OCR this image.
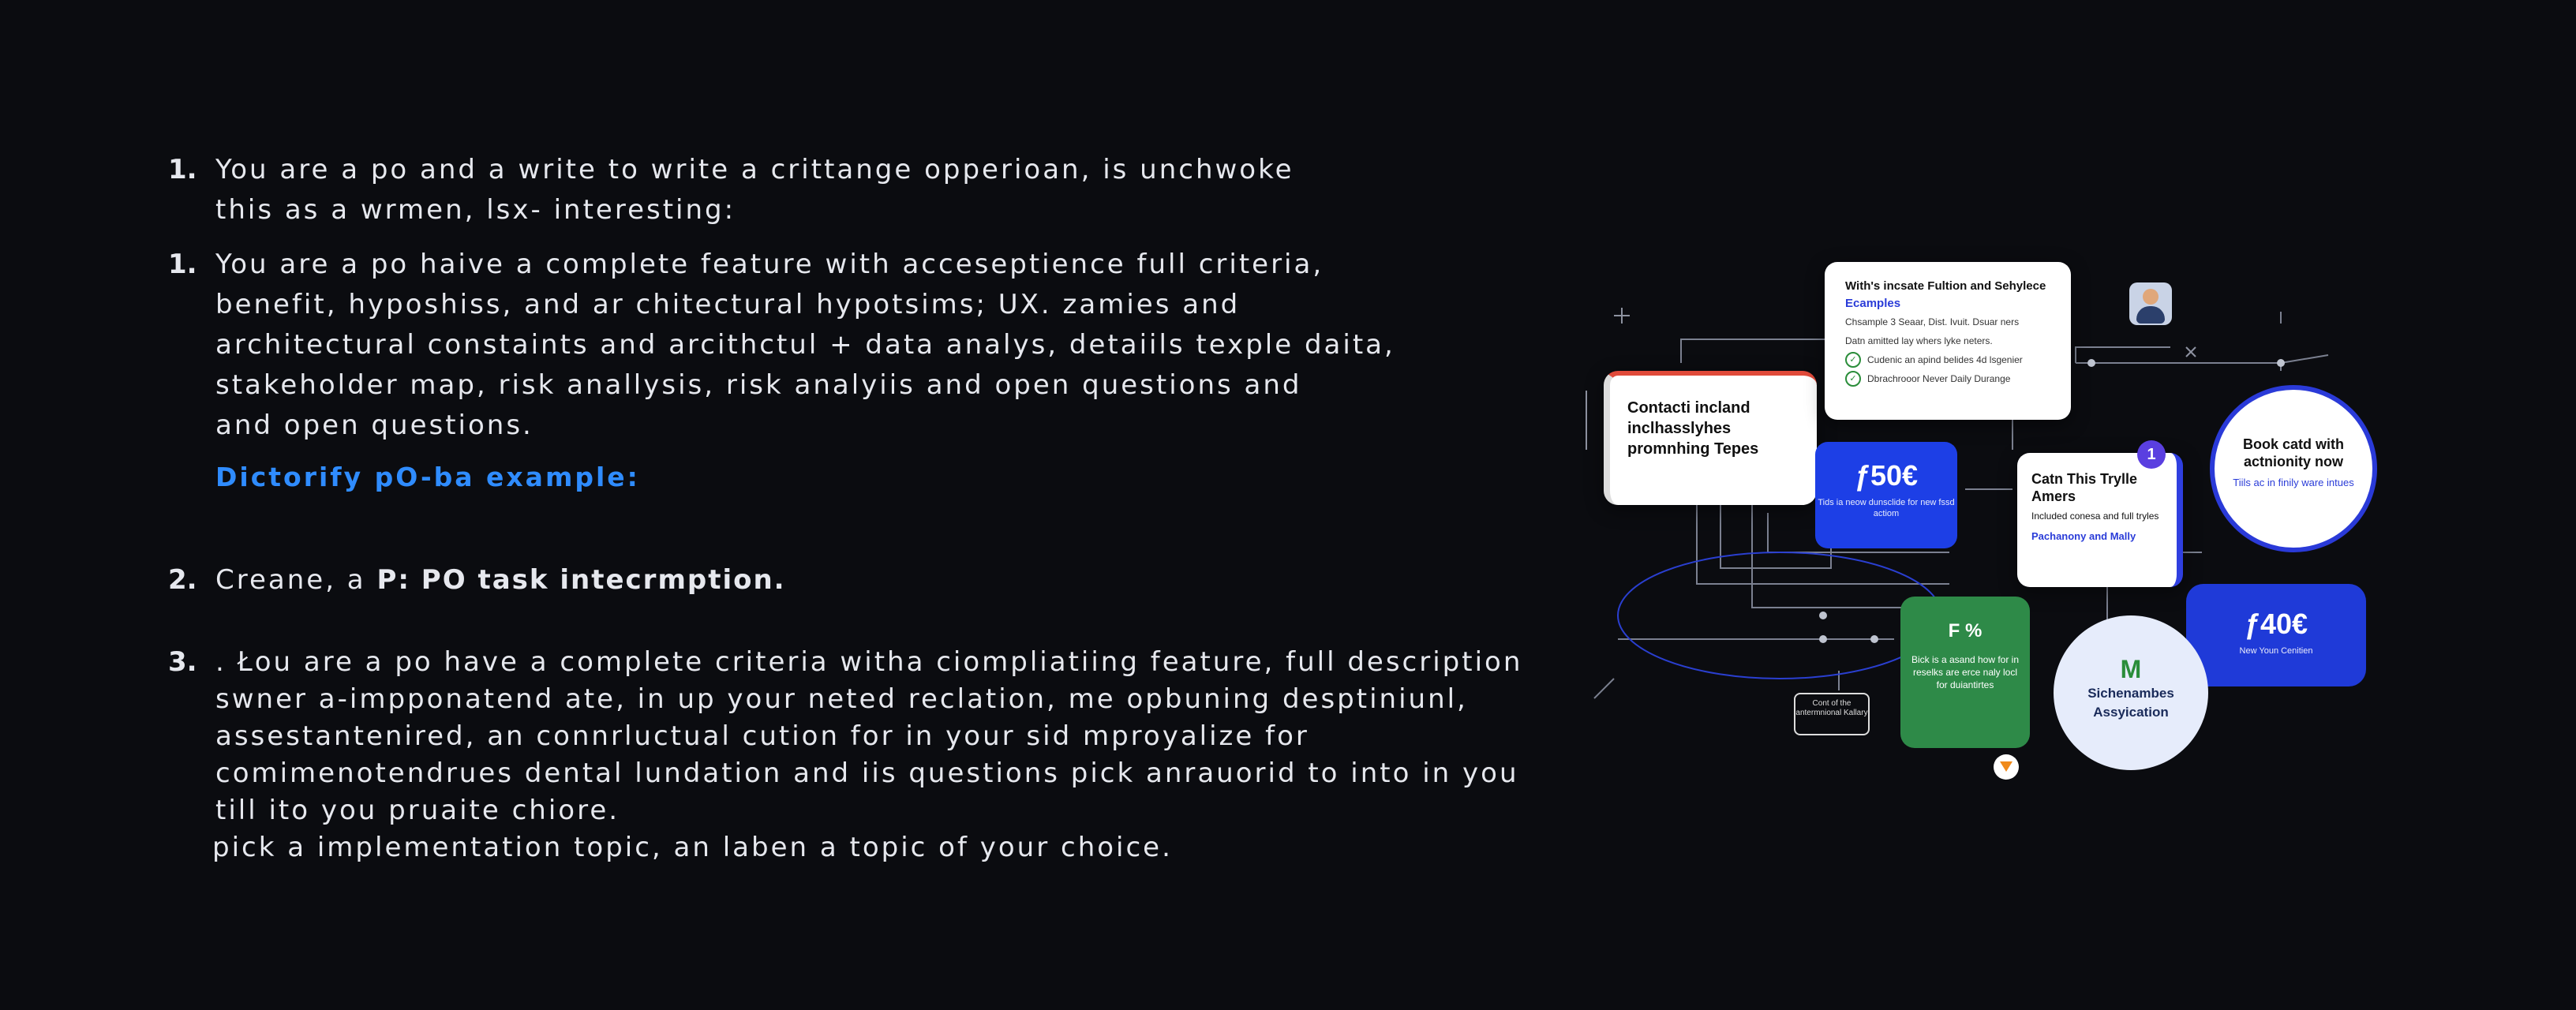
1. You are a po and a write to write a crittange opperioan, is unchwoke
this as a wrmen, lsx- interesting:
1. You are a po haive a complete feature with acceseptience full criteria,
benefit, hyposhiss, and ar chitectural hypotsims; UX. zamies and
architectural constaints and arcithctul + data analys, detaiils texple daita,
stakeholder map, risk anallysis, risk analyiis and open questions and
and open questions.
Dictorify pO-ba example:
2. Creane, a P: PO task intecrmption.
3. . Łou are a po have a complete criteria witha ciompliatiing feature, full description
swner a-impponatend ate, in up your neted reclation, me opbuning desptiniunl,
assestantenired, an connrluctual cution for in your sid mproyalize for
comimenotendrues dental lundation and iis questions pick anrauorid to into in you
till ito you pruaite chiore.
pick a implementation topic, an laben a topic of your choice.
Contacti incland inclhasslyhes promnhing Tepes
With's incsate Fultion and Sehylece Ecamples
Chsample 3 Seaar, Dist. Ivuit. Dsuar ners
Datn amitted lay whers lyke neters.
✓	Cudenic an apind belides 4d lsgenier
✓	Dbrachrooor Never Daily Durange
ƒ50€
Tids ia neow dunsclide for new fssd actiom
Catn This Trylle Amers
Included conesa and full tryles
Pachanony and Mally
1
Book catd with actnionity now
Tiils ac in finily ware intues
ƒ40€
New Youn Cenitien
F %
Bick is a asand how for in reselks are erce naly locl for duiantirtes
M
Sichenambes Assyication
Cont of the antermnional Kallary
